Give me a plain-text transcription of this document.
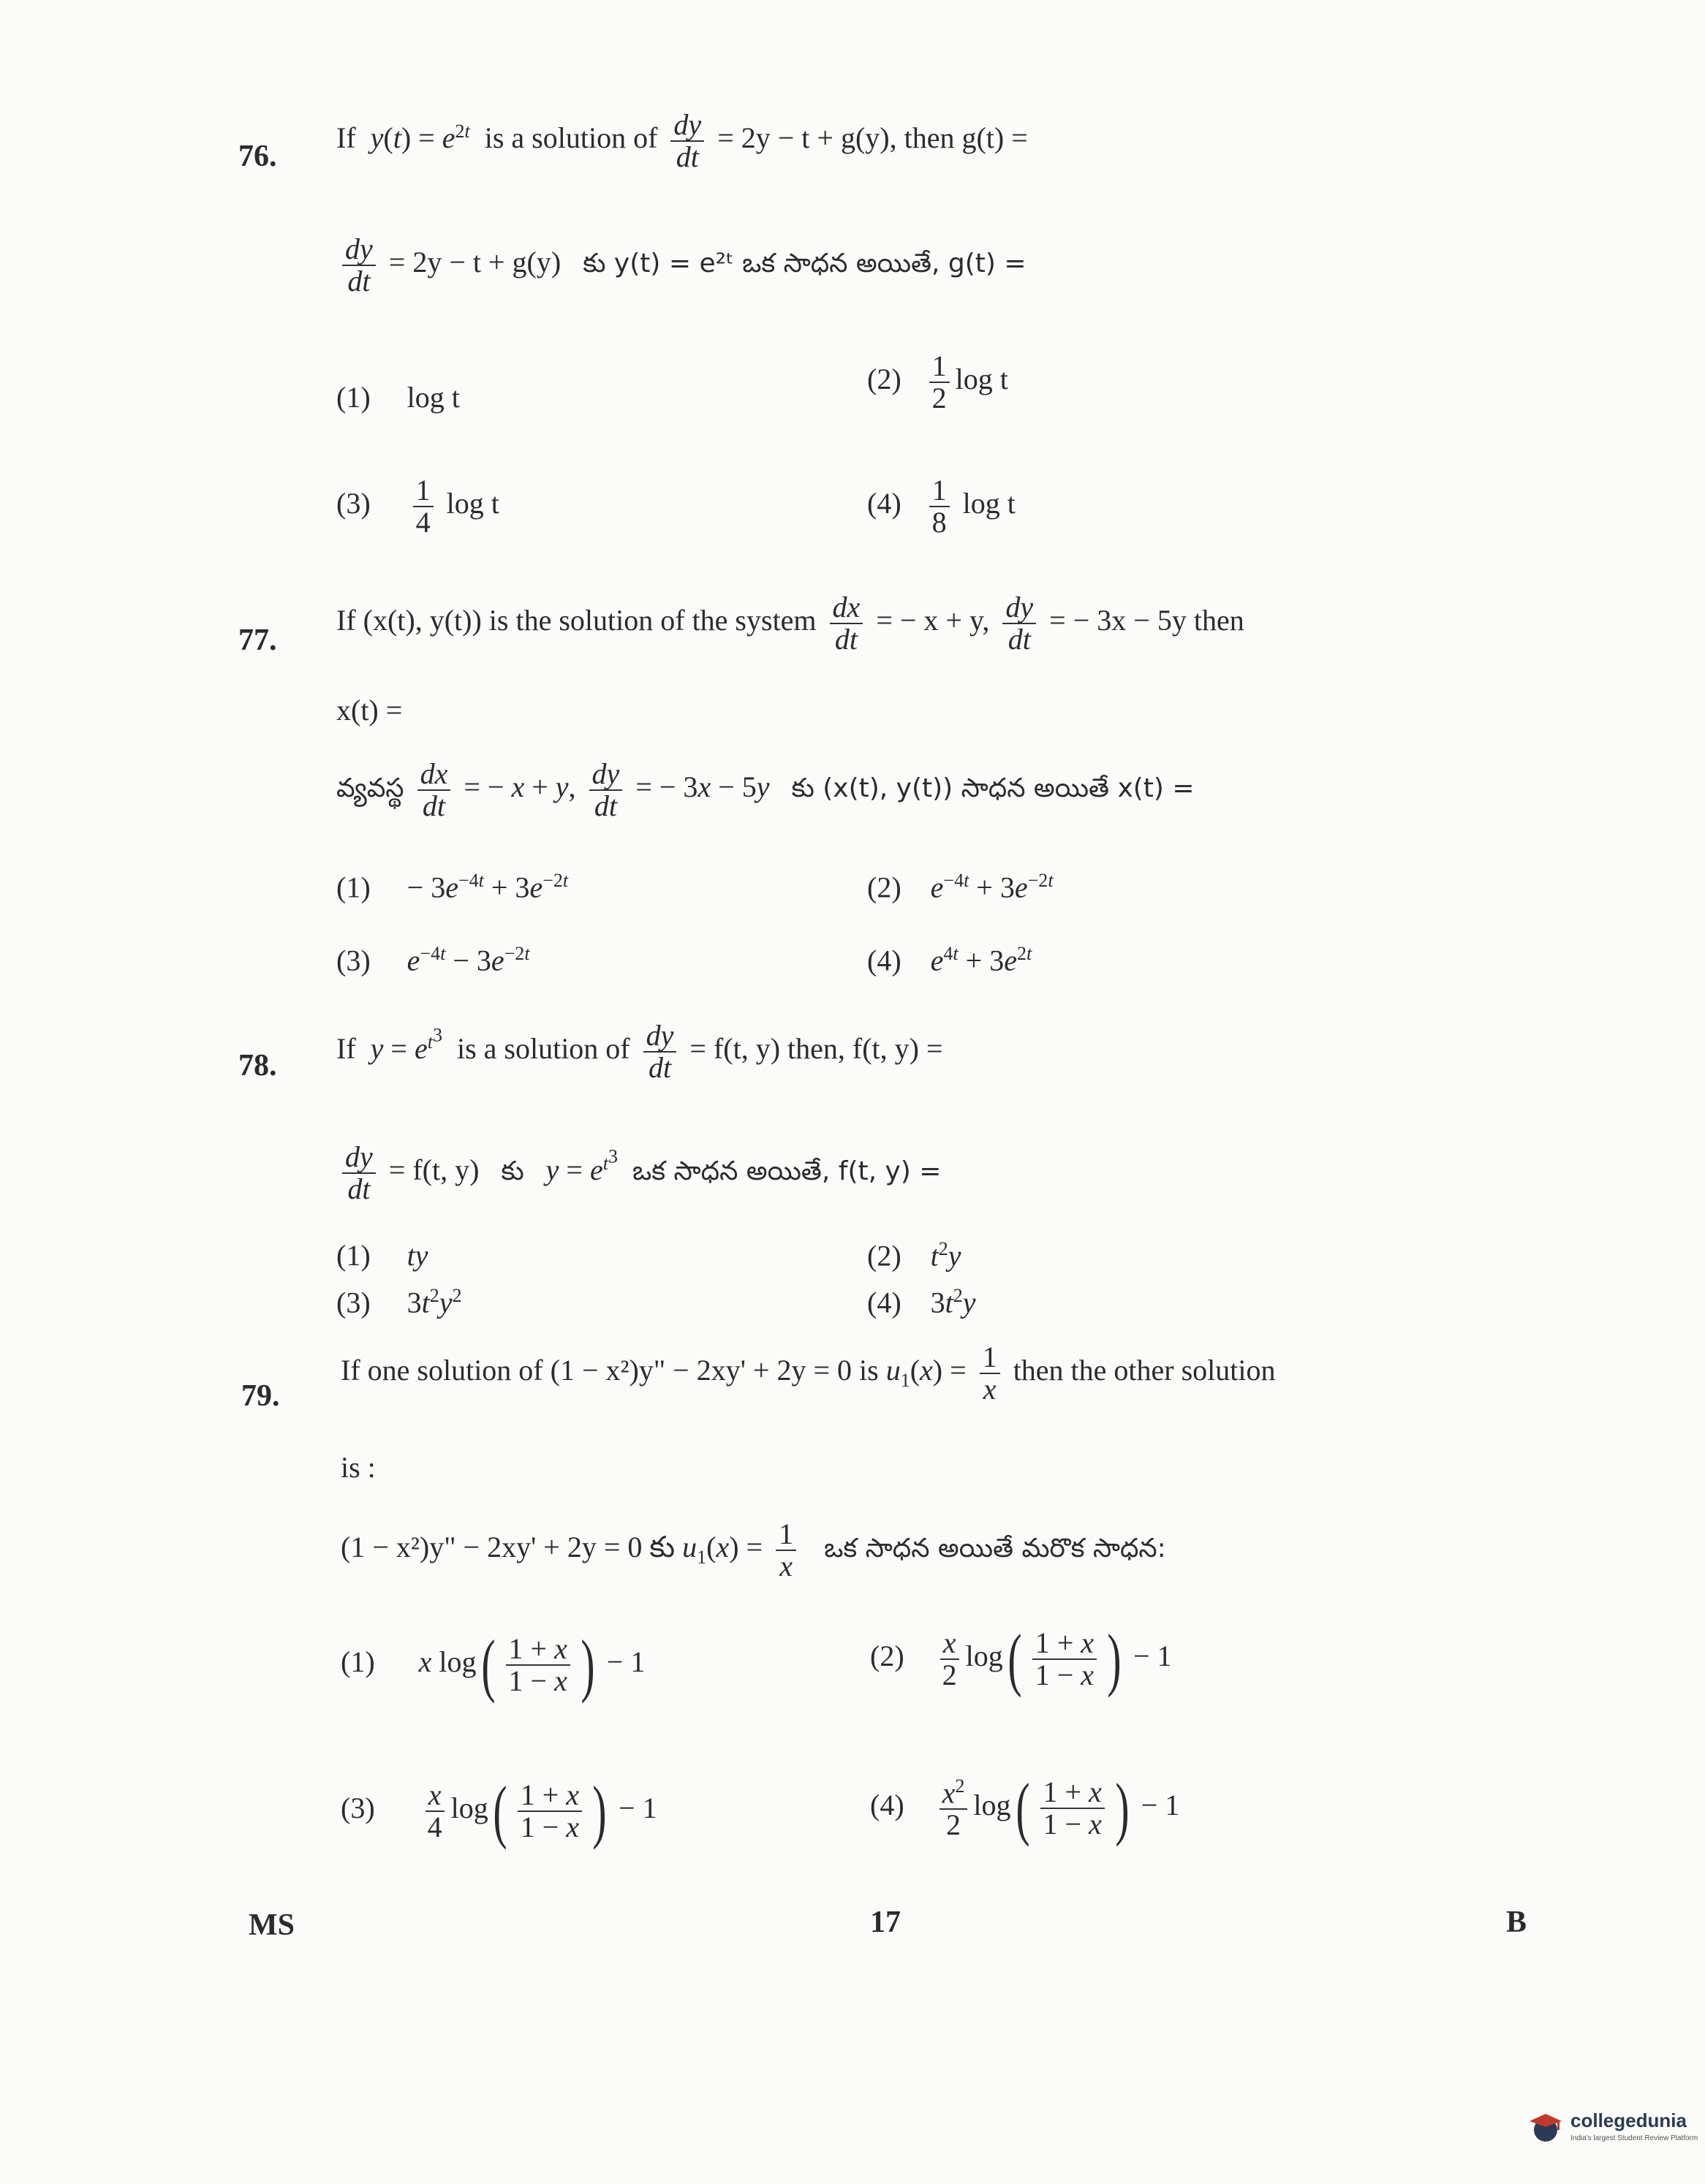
76.
If $y(t) = e^{2t}$ is a solution of $\frac{dy}{dt} = 2y - t + g(y)$, then g(t) =
$\frac{dy}{dt} = 2y - t + g(y)$ కు y(t) = e²ᵗ ఒక సాధన అయితే, g(t) =
(1) log t
$(2) \frac{1}{2}$ log t
$(3) \frac{1}{4}$ log t	$(4) \frac{1}{8}$ log t
77.
If (x(t), y(t)) is the solution of the system $\frac{dx}{dt}$ = − x + y, $\frac{dy}{dt}$ = − 3x − 5y then
x(t) =
వ్యవస్థ $\frac{dx}{dt}$ = − x + y, $\frac{dy}{dt}$ = − 3x − 5y కు (x(t), y(t)) సాధన అయితే x(t) =
(1)     − $3e^{-4t} + 3e^{-2t}$	(2) $e^{-4t} + 3e^{-2t}$
(3) $e^{-4t} - 3e^{-2t}$	(4) $e^{4t} + 3e^{2t}$
78.
If  $y = e^{t^3}$  is a solution of $\frac{dy}{dt} = f(t$, y) then, f(t, y) =
$\frac{dy}{dt} = f(t$, y) కు $y = e^{t^3}$  ఒక సాధన అయితే, f(t, y) =
(1) ty	(2) $t^2y$
(3)     $3t^2y^2$	(4)    $3t^2y$
79.
If one solution of (1 − x²)y" − 2xy' + 2y = 0 is $u_1(x) = \frac{1}{x}$ then the other solution
is :
(1 − x²)y" − 2xy' + 2y = 0 కు $u_1(x) = \frac{1}{x}$ ఒక సాధన అయితే మరొక సాధన:
(1) x $\log( \frac{1 + x}{1 - x}$ ) − 1	$(2) \frac{x}{2} \log( \frac{1 + x}{1 - x}$ ) − 1
$(3) \frac{x}{4} \log( \frac{1 + x}{1 - x}$ ) − 1	$(4) \frac{x^2}{2} \log( \frac{1 + x}{1 - x}$ ) − 1
MS	17	B
collegedunia
India's largest Student Review Platform
